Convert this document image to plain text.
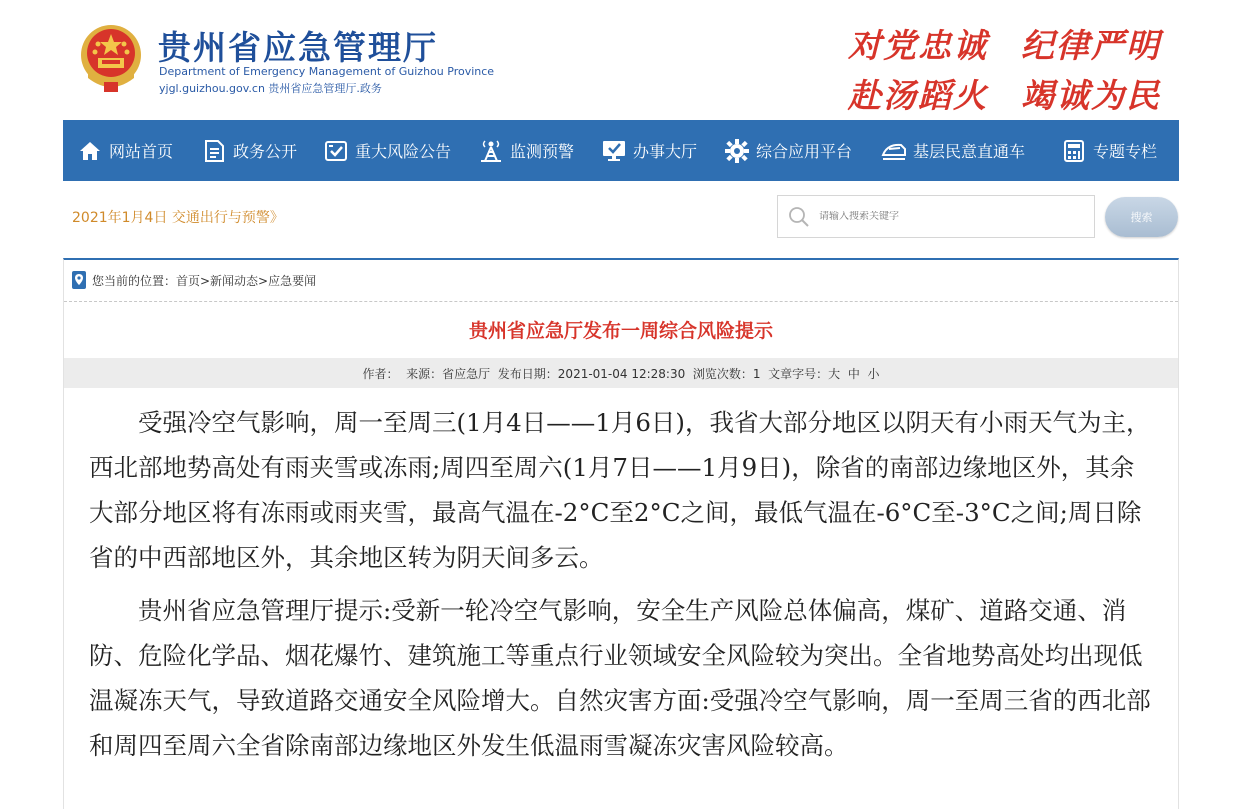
贵州省应急管理厅
Department of Emergency Management of Guizhou Province
yjgl.guizhou.gov.cn 贵州省应急管理厅.政务
对党忠诚 纪律严明
赴汤蹈火 竭诚为民
网站首页	政务公开	重大风险公告	监测预警	办事大厅	综合应用平台	基层民意直通车	专题专栏
2021年1月4日 交通出行与预警》
请输入搜索关键字	搜索
您当前的位置：首页>新闻动态>应急要闻
贵州省应急厅发布一周综合风险提示
作者： 来源：省应急厅 发布日期：2021-01-04 12:28:30 浏览次数：1 文章字号： 大
中
小

受强冷空气影响，周一至周三(1月4日——1月6日)，我省大部分地区以阴天有小雨天气为主，西北部地势高处有雨夹雪或冻雨;周四至周六(1月7日——1月9日)，除省的南部边缘地区外，其余大部分地区将有冻雨或雨夹雪，最高气温在-2°C至2°C之间，最低气温在-6°C至-3°C之间;周日除省的中西部地区外，其余地区转为阴天间多云。

贵州省应急管理厅提示:受新一轮冷空气影响，安全生产风险总体偏高，煤矿、道路交通、消防、危险化学品、烟花爆竹、建筑施工等重点行业领域安全风险较为突出。全省地势高处均出现低温凝冻天气，导致道路交通安全风险增大。自然灾害方面:受强冷空气影响，周一至周三省的西北部和周四至周六全省除南部边缘地区外发生低温雨雪凝冻灾害风险较高。
